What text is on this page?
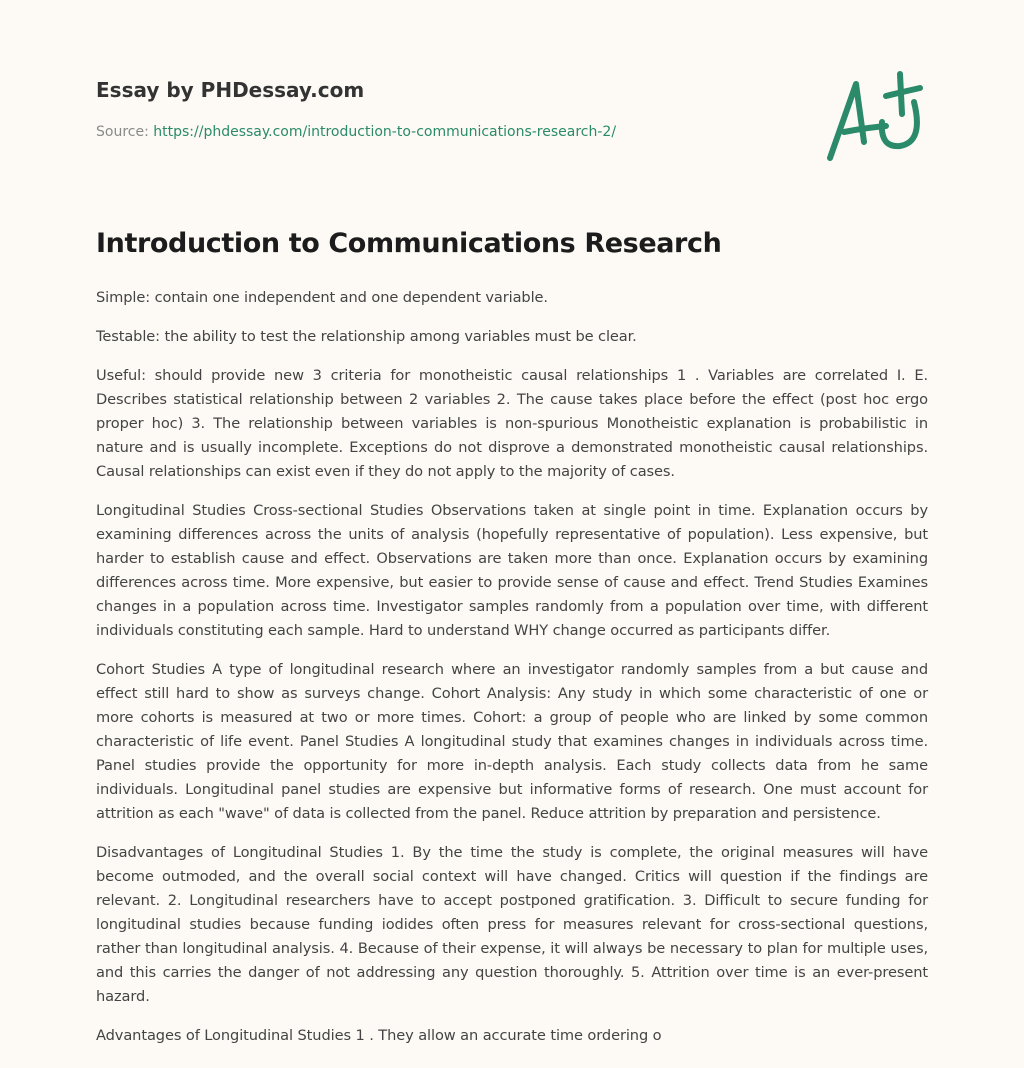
Essay by PHDessay.com
Source: https://phdessay.com/introduction-to-communications-research-2/
Introduction to Communications Research

Simple: contain one independent and one dependent variable.

Testable: the ability to test the relationship among variables must be clear.

Useful: should provide new 3 criteria for monotheistic causal relationships 1 . Variables are correlated I. E. Describes statistical relationship between 2 variables 2. The cause takes place before the effect (post hoc ergo proper hoc) 3. The relationship between variables is non-spurious Monotheistic explanation is probabilistic in nature and is usually incomplete. Exceptions do not disprove a demonstrated monotheistic causal relationships. Causal relationships can exist even if they do not apply to the majority of cases.

Longitudinal Studies Cross-sectional Studies Observations taken at single point in time. Explanation occurs by examining differences across the units of analysis (hopefully representative of population). Less expensive, but harder to establish cause and effect. Observations are taken more than once. Explanation occurs by examining differences across time. More expensive, but easier to provide sense of cause and effect. Trend Studies Examines changes in a population across time. Investigator samples randomly from a population over time, with different individuals constituting each sample. Hard to understand WHY change occurred as participants differ.

Cohort Studies A type of longitudinal research where an investigator randomly samples from a but cause and effect still hard to show as surveys change. Cohort Analysis: Any study in which some characteristic of one or more cohorts is measured at two or more times. Cohort: a group of people who are linked by some common characteristic of life event. Panel Studies A longitudinal study that examines changes in individuals across time. Panel studies provide the opportunity for more in-depth analysis. Each study collects data from he same individuals. Longitudinal panel studies are expensive but informative forms of research. One must account for attrition as each "wave" of data is collected from the panel. Reduce attrition by preparation and persistence.

Disadvantages of Longitudinal Studies 1. By the time the study is complete, the original measures will have become outmoded, and the overall social context will have changed. Critics will question if the findings are relevant. 2. Longitudinal researchers have to accept postponed gratification. 3. Difficult to secure funding for longitudinal studies because funding iodides often press for measures relevant for cross-sectional questions, rather than longitudinal analysis. 4. Because of their expense, it will always be necessary to plan for multiple uses, and this carries the danger of not addressing any question thoroughly. 5. Attrition over time is an ever-present hazard.

Advantages of Longitudinal Studies 1 . They allow an accurate time ordering o
